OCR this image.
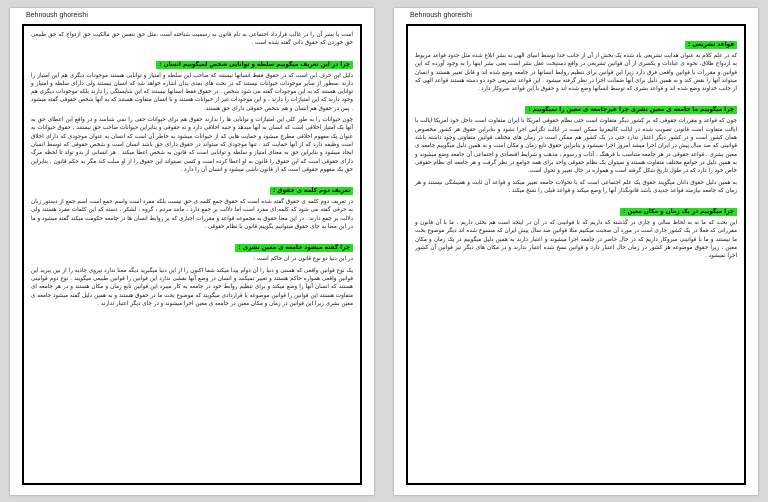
Behnoush ghoreishi

است یا بشر آن را در غالب قرارداد اجتماعی به نام قانون به رسمیت شناخته است ،مثل حق تنفس حق مالکیت حق ازدواج که حق طبیعی حق خوردن که حقوق ذاتی گفته شده است .

چرا در این تعریف میگوییم سلطه و توانایی شخص لمیگوییم انسان :

دلیل این حرف این است که در حقوق فقط انسانها نیستند که صاحب این سلطه و امتیاز و توانایی هستند موجودات دیگری هم این امتیاز را دارند ،منظور از سایر موجودات حیوانات نیستند که در بحث های بعدی بدان اشاره خواهد شد که انسان نیستند ولی دارای سلطه و امتیاز و توانایی هستند که به این موجودات گفته می شود شخص . در حقوق فقط انسانها نیستند که این شایستگی را دارند بلکه موجودات دیگری هم وجود دارند که این امتیازات را دارند ، و این موجودات غیر از حیوانات هستند و با انسان متفاوت هستند که به آنها شخص حقوقی گفته میشود . پس در حقوق هم انسان و هم شخص حقوقی دارای حق هستند.

چون حیوانات را به طور کلی این امتیازات و توانایی ها را ندارند حقوق هم برای حیوانات حقی را نمی شناسد و در واقع این اعطای حق به آنها یک امتیاز اخلاقی است که انسان به آنها میدهد و جنبه اخلاقی دارد و نه حقوقی و بنابراین حیوانات صاحب حق نیستند ، حقوق حیوانات به عنوان یک مفهوم اخلاقی مطرح میشود و حمایت هایی که از حیوانات میشود به خاطر آن است که انسان به عنوان موجودی که دارای اخلاق است وظیفه دارد که از آنها حمایت کند . تنها موجودی که میتواند در حقوق دارای حق باشد انسان است و شخص حقوقی که توسط انسان ایجاد میشود و بنابراین حق به معنای امتیاز و سلطه و توانایی است که قانون به شخص اعطا میکند . هر انسانی از بدو تولد تا لحظه مرگ دارای حقوقی است که این حقوق را قانون به او اعطا کرده است و کسی نمیتواند این حقوق را از او سلب کند مگر به حکم قانون . بنابراین حق یک مفهوم حقوقی است که از قانون ناشی میشود و انسان آن را دارد .

تعریف دوم کلمه ی حقوق :

در تعریف دوم کلمه ی حقوق گفته شده است که حقوق جمع کلمه ی حق نیست بلکه مفرد است واسم جمع است اسم جمع از دستور زبان به حرفی گفته می شود که کلمه ای مفرد است اما دلالت بر جمع دارد ، مانند مردم ، گروه ، لشکر ، دسته که این کلمات مفرد هستند ولی دلالت بر جمع دارند . در این معنا حقوق به مجموعه قواعد و مقررات اجباری که بر روابط انسان ها در جامعه حکومت میکند گفته میشود و ما در این معنا به جای حقوق میتوانیم بگوییم قانون یا نظام حقوقی .

چرا گفته میشود جامعه ی معین بشری :

در این دنیا دو نوع قانون در ان حاکم است :

یک نوع قوانین واقعی که هستی و دنیا را آن دوام پیدا میکند شما اکنون را از این دنیا میگیرید دیگه معنا ندارد نیروی جاذبه را از بین ببرید این قوانین واقعی همواره حاکم هستند و تغییر نمیکنند و انسان در وضع آنها نقشی ندارد این قوانین را قوانین طبیعی میگویند . نوع دوم قوانینی هستند که انسان آنها را وضع میکند و برای تنظیم روابط خود در جامعه به کار میبرد این قوانین تابع زمان و مکان هستند و در هر جامعه ای متفاوت هستند این قوانین را قوانین موضوعه یا قراردادی میگویند که موضوع بحث ما در حقوق هستند و به همین دلیل گفته میشود جامعه ی معین بشری زیرا این قوانین در زمان و مکان معین در جامعه ی معین اجرا میشوند و در جای دیگر اعتبار ندارند .

Behnoush ghoreishi
قواعد تشریعی :

که در علم کلام به عنوان هدایت تشریعی یاد شده یک بخش از آن از جانب خدا توسط انبیای الهی به بشر ابلاغ شده مثل حدود قواعد مربوط به ازدواج طلاق، نحوه ی عبادات و یکسری از آن قوانین تشریعی در واقع دستپخت عقل بشر است یعنی بشر اینها را به وجود آورده که این قوانین و مقررات با قوانین واقعی فرق دارد زیرا این قوانین برای تنظیم روابط انسانها در جامعه وضع شده اند و قابل تغییر هستند و انسان میتواند آنها را نقض کند و به همین دلیل برای آنها ضمانت اجرا در نظر گرفته میشود . این قواعد تشریعی خود دو دسته هستند قواعد الهی که از جانب خداوند وضع شده اند و قواعد بشری که توسط انسانها وضع شده اند و حقوق با این قواعد سروکار دارد .

چرا میگوییم ما جامعه ی معین بشری چرا غیرجامعه ی معین را نمیگوییم :

چون که قواعد و مقررات حقوقی که بر کشور دیگر متفاوت است حتی نظام حقوقی امریکا با ایران متفاوت است داخل خود امریکا ایالت با ایالت متفاوت است قانونی تصویب شده در ایالت کالیفرنیا ممکن است در ایالت تگزاس اجرا نشود و بنابراین حقوق هر کشور مخصوص همان کشور است و در کشور دیگر اعتبار ندارد حتی در یک کشور هم ممکن است در زمان های مختلف قوانین متفاوتی وجود داشته باشد قوانینی که صد سال پیش در ایران اجرا میشد امروز اجرا نمیشود و بنابراین حقوق تابع زمان و مکان است و به همین دلیل میگوییم جامعه ی معین بشری . قواعد حقوقی در هر جامعه متناسب با فرهنگ ، آداب و رسوم ، مذهب و شرایط اقتصادی و اجتماعی آن جامعه وضع میشوند و به همین دلیل در جوامع مختلف متفاوت هستند و نمیتوان یک نظام حقوقی واحد برای همه جوامع در نظر گرفت و هر جامعه ای نظام حقوقی خاص خود را دارد که در طول تاریخ شکل گرفته است و همواره در حال تغییر و تحول است.

به همین دلیل حقوق دانان میگویند حقوق یک علم اجتماعی است که با تحولات جامعه تغییر میکند و قواعد آن ثابت و همیشگی نیستند و هر زمان که جامعه نیازمند قواعد جدیدی باشد قانونگذار آنها را وضع میکند و قواعد قبلی را نسخ میکند .

چرا میگوییم در یک زمان و مکان معین :

این بحث که ما نه به لحاظ سالی و جاری در گذشته که داریم که با قوانینی که در آن در اینجه است هم بحثی داریم ، ما با آن قانون و مقرراتی که فعلا در یک کشور جاری است در مورد آن صحبت میکنیم مثلا قوانین صد سال پیش ایران که منسوخ شده اند دیگر موضوع بحث ما نیستند و ما با قوانینی سروکار داریم که در حال حاضر در جامعه اجرا میشوند و اعتبار دارند به همین دلیل میگوییم در یک زمان و مکان معین ، زیرا حقوق موضوعه هر کشور در زمان حال اعتبار دارد و قوانین نسخ شده اعتبار ندارند و در مکان های دیگر نیز قوانین آن کشور اجرا نمیشود .
